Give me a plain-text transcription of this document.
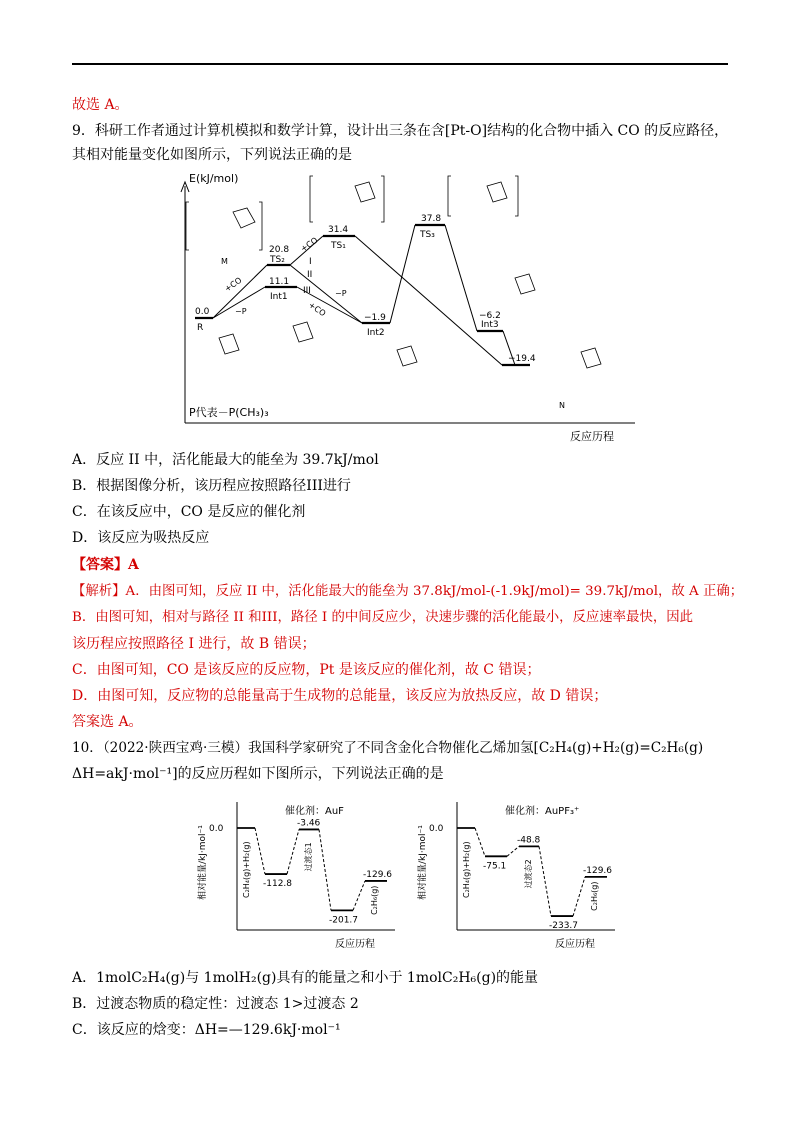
故选 A。
9．科研工作者通过计算机模拟和数学计算，设计出三条在含[Pt-O]结构的化合物中插入 CO 的反应路径，
其相对能量变化如图所示，下列说法正确的是
E(kJ/mol)
P代表－P(CH₃)₃
0.0
R
20.8
TS₂
11.1
Int1
31.4
TS₁
−1.9
Int2
37.8
TS₃
−6.2
Int3
−19.4
N
I
II
III
+CO
+CO
+CO
−P
−P
M
反应历程
A．反应 II 中，活化能最大的能垒为 39.7kJ/mol
B．根据图像分析，该历程应按照路径III进行
C．在该反应中，CO 是反应的催化剂
D．该反应为吸热反应
【答案】A
【解析】A．由图可知，反应 II 中，活化能最大的能垒为 37.8kJ/mol-(-1.9kJ/mol)= 39.7kJ/mol，故 A 正确；
B．由图可知，相对与路径 II 和III，路径 I 的中间反应少，决速步骤的活化能最小，反应速率最快，因此
该历程应按照路径 I 进行，故 B 错误；
C．由图可知，CO 是该反应的反应物，Pt 是该反应的催化剂，故 C 错误；
D．由图可知，反应物的总能量高于生成物的总能量，该反应为放热反应，故 D 错误；
答案选 A。
10．（2022·陕西宝鸡·三模）我国科学家研究了不同含金化合物催化乙烯加氢[C₂H₄(g)+H₂(g)=C₂H₆(g)
ΔH=akJ·mol⁻¹]的反应历程如下图所示，下列说法正确的是
催化剂：AuF
相对能量/kJ·mol⁻¹
反应历程
0.0
-112.8
-3.46
-201.7
-129.6
C₂H₄(g)+H₂(g)	过渡态1
C₂H₆(g)
催化剂：AuPF₃⁺
相对能量/kJ·mol⁻¹
反应历程
0.0
-75.1
-48.8
-233.7
-129.6
C₂H₄(g)+H₂(g)	过渡态2
C₂H₆(g)
A．1molC₂H₄(g)与 1molH₂(g)具有的能量之和小于 1molC₂H₆(g)的能量
B．过渡态物质的稳定性：过渡态 1>过渡态 2
C．该反应的焓变：ΔH=—129.6kJ·mol⁻¹
